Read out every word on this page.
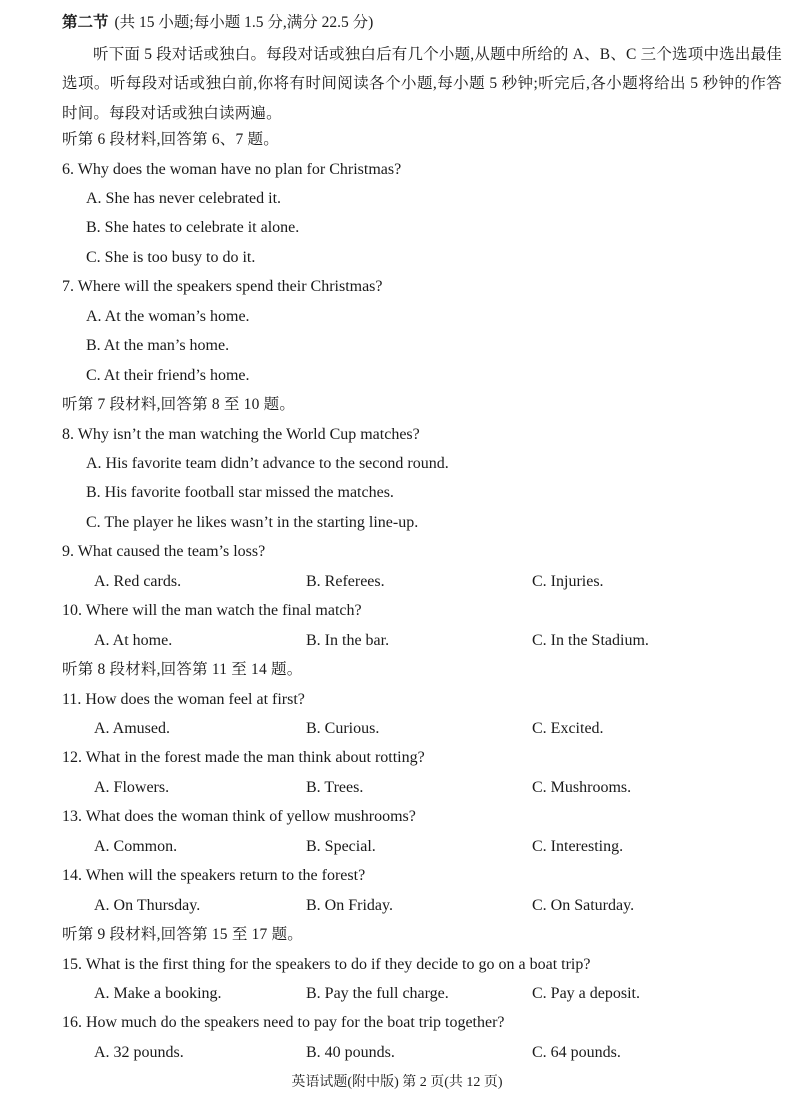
第二节 (共 15 小题;每小题 1.5 分,满分 22.5 分)
听下面 5 段对话或独白。每段对话或独白后有几个小题,从题中所给的 A、B、C 三个选项中选出最佳选项。听每段对话或独白前,你将有时间阅读各个小题,每小题 5 秒钟;听完后,各小题将给出 5 秒钟的作答时间。每段对话或独白读两遍。
听第 6 段材料,回答第 6、7 题。
6. Why does the woman have no plan for Christmas?
A. She has never celebrated it.
B. She hates to celebrate it alone.
C. She is too busy to do it.
7. Where will the speakers spend their Christmas?
A. At the woman’s home.
B. At the man’s home.
C. At their friend’s home.
听第 7 段材料,回答第 8 至 10 题。
8. Why isn’t the man watching the World Cup matches?
A. His favorite team didn’t advance to the second round.
B. His favorite football star missed the matches.
C. The player he likes wasn’t in the starting line-up.
9. What caused the team’s loss?
A. Red cards.	B. Referees.	C. Injuries.
10. Where will the man watch the final match?
A. At home.	B. In the bar.	C. In the Stadium.
听第 8 段材料,回答第 11 至 14 题。
11. How does the woman feel at first?
A. Amused.	B. Curious.	C. Excited.
12. What in the forest made the man think about rotting?
A. Flowers.	B. Trees.	C. Mushrooms.
13. What does the woman think of yellow mushrooms?
A. Common.	B. Special.	C. Interesting.
14. When will the speakers return to the forest?
A. On Thursday.	B. On Friday.	C. On Saturday.
听第 9 段材料,回答第 15 至 17 题。
15. What is the first thing for the speakers to do if they decide to go on a boat trip?
A. Make a booking.	B. Pay the full charge.	C. Pay a deposit.
16. How much do the speakers need to pay for the boat trip together?
A. 32 pounds.	B. 40 pounds.	C. 64 pounds.
英语试题(附中版) 第 2 页(共 12 页)
